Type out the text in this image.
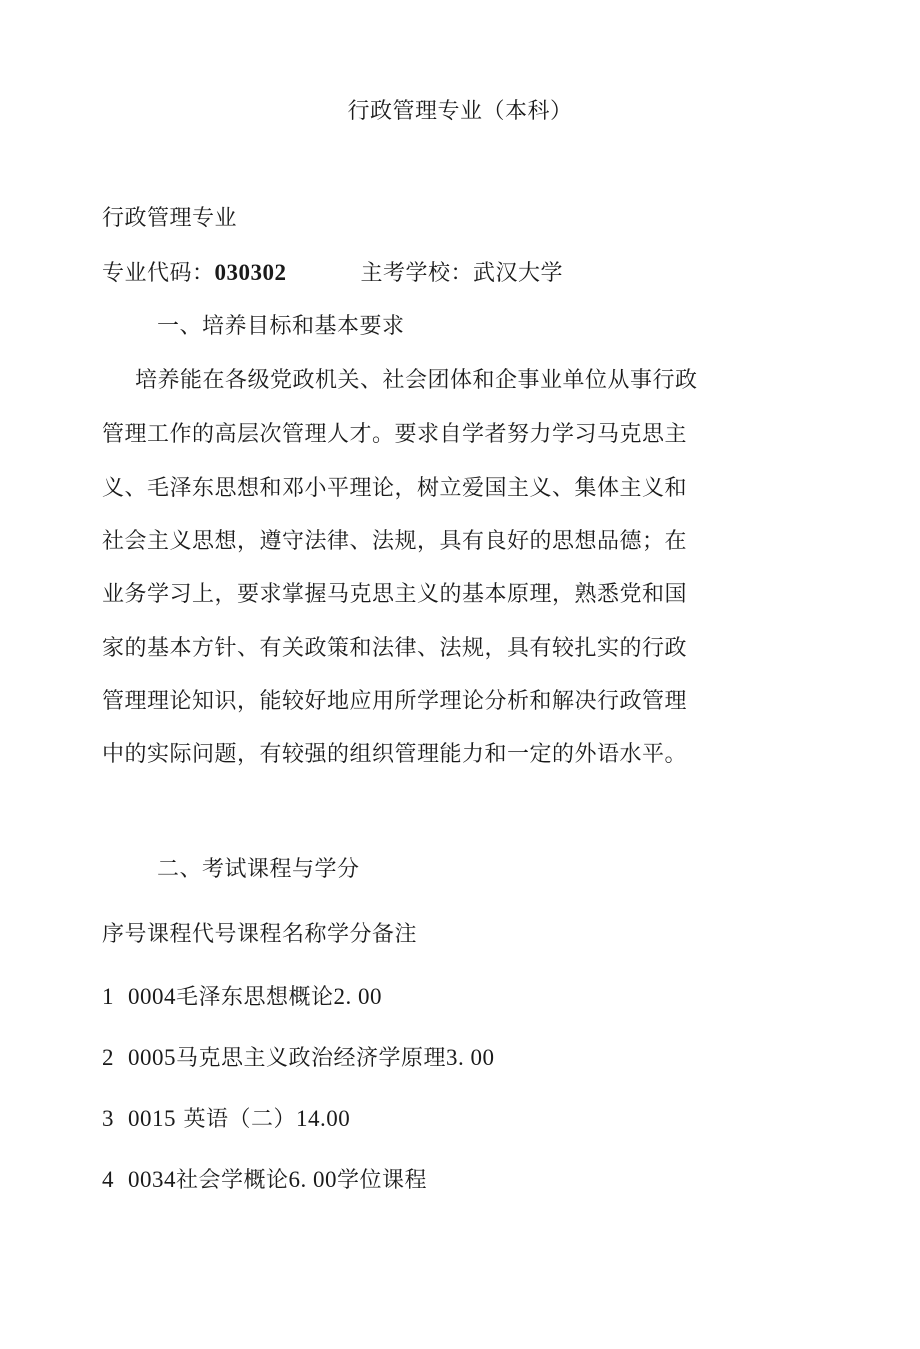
行政管理专业（本科）
行政管理专业
专业代码：030302	主考学校：武汉大学
一、培养目标和基本要求
培养能在各级党政机关、社会团体和企事业单位从事行政
管理工作的高层次管理人才。要求自学者努力学习马克思主
义、毛泽东思想和邓小平理论，树立爱国主义、集体主义和
社会主义思想，遵守法律、法规，具有良好的思想品德；在
业务学习上，要求掌握马克思主义的基本原理，熟悉党和国
家的基本方针、有关政策和法律、法规，具有较扎实的行政
管理理论知识，能较好地应用所学理论分析和解决行政管理
中的实际问题，有较强的组织管理能力和一定的外语水平。
二、考试课程与学分
序号课程代号课程名称学分备注
1 0004毛泽东思想概论2. 00
2 0005马克思主义政治经济学原理3. 00
3 0015 英语（二）14.00
4 0034社会学概论6. 00学位课程
